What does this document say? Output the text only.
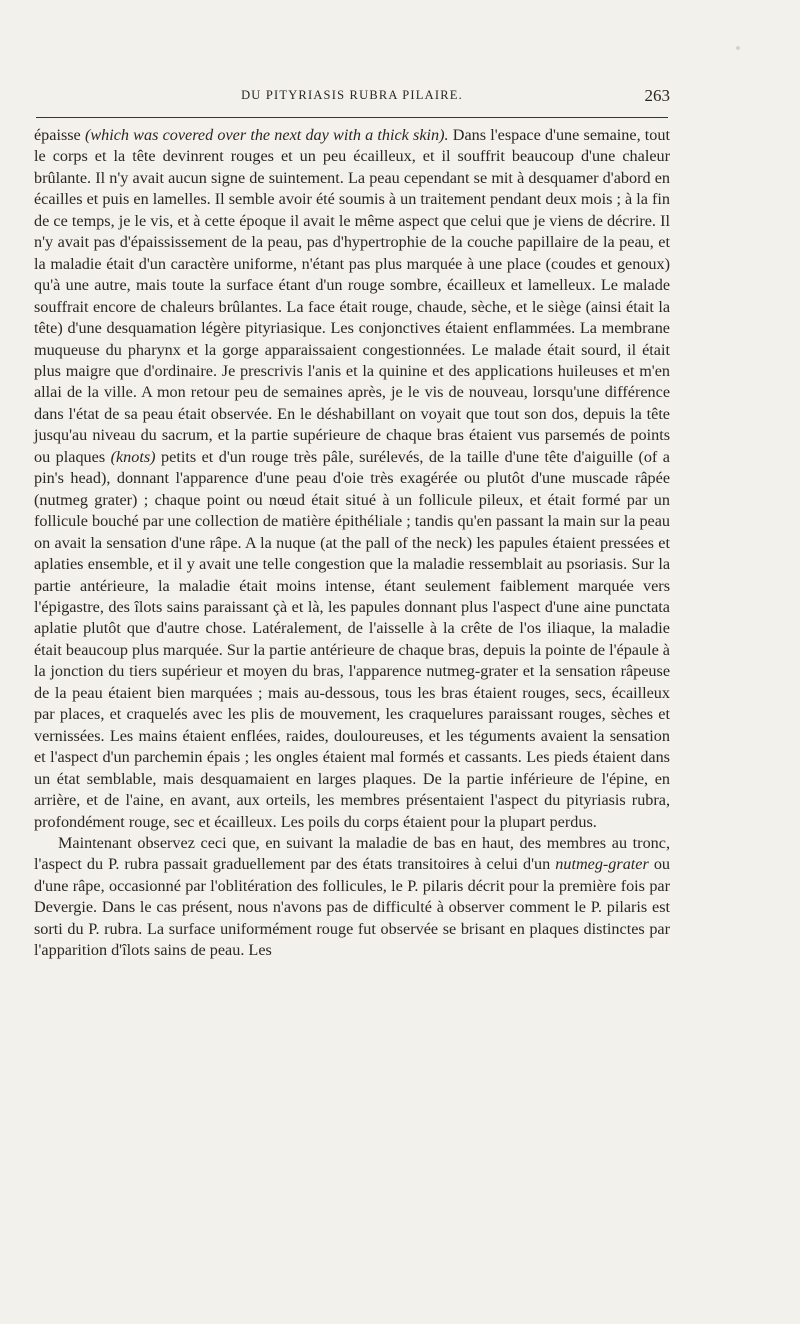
DU PITYRIASIS RUBRA PILAIRE.	263

épaisse (which was covered over the next day with a thick skin). Dans l'espace d'une semaine, tout le corps et la tête devinrent rouges et un peu écailleux, et il souffrit beaucoup d'une chaleur brûlante. Il n'y avait aucun signe de suintement. La peau cependant se mit à desquamer d'abord en écailles et puis en lamelles. Il semble avoir été soumis à un traitement pendant deux mois ; à la fin de ce temps, je le vis, et à cette époque il avait le même aspect que celui que je viens de décrire. Il n'y avait pas d'épaississement de la peau, pas d'hypertrophie de la couche papillaire de la peau, et la maladie était d'un caractère uniforme, n'étant pas plus marquée à une place (coudes et genoux) qu'à une autre, mais toute la surface étant d'un rouge sombre, écailleux et lamelleux. Le malade souffrait encore de chaleurs brûlantes. La face était rouge, chaude, sèche, et le siège (ainsi était la tête) d'une desquamation légère pityriasique. Les conjonctives étaient enflammées. La membrane muqueuse du pharynx et la gorge apparaissaient congestionnées. Le malade était sourd, il était plus maigre que d'ordinaire. Je prescrivis l'anis et la quinine et des applications huileuses et m'en allai de la ville. A mon retour peu de semaines après, je le vis de nouveau, lorsqu'une différence dans l'état de sa peau était observée. En le déshabillant on voyait que tout son dos, depuis la tête jusqu'au niveau du sacrum, et la partie supérieure de chaque bras étaient vus parsemés de points ou plaques (knots) petits et d'un rouge très pâle, surélevés, de la taille d'une tête d'aiguille (of a pin's head), donnant l'apparence d'une peau d'oie très exagérée ou plutôt d'une muscade râpée (nutmeg grater) ; chaque point ou nœud était situé à un follicule pileux, et était formé par un follicule bouché par une collection de matière épithéliale ; tandis qu'en passant la main sur la peau on avait la sensation d'une râpe. A la nuque (at the pall of the neck) les papules étaient pressées et aplaties ensemble, et il y avait une telle congestion que la maladie ressemblait au psoriasis. Sur la partie antérieure, la maladie était moins intense, étant seulement faiblement marquée vers l'épigastre, des îlots sains paraissant çà et là, les papules donnant plus l'aspect d'une aine punctata aplatie plutôt que d'autre chose. Latéralement, de l'aisselle à la crête de l'os iliaque, la maladie était beaucoup plus marquée. Sur la partie antérieure de chaque bras, depuis la pointe de l'épaule à la jonction du tiers supérieur et moyen du bras, l'apparence nutmeg-grater et la sensation râpeuse de la peau étaient bien marquées ; mais au-dessous, tous les bras étaient rouges, secs, écailleux par places, et craquelés avec les plis de mouvement, les craquelures paraissant rouges, sèches et vernissées. Les mains étaient enflées, raides, douloureuses, et les téguments avaient la sensation et l'aspect d'un parchemin épais ; les ongles étaient mal formés et cassants. Les pieds étaient dans un état semblable, mais desquamaient en larges plaques. De la partie inférieure de l'épine, en arrière, et de l'aine, en avant, aux orteils, les membres présentaient l'aspect du pityriasis rubra, profondément rouge, sec et écailleux. Les poils du corps étaient pour la plupart perdus.

Maintenant observez ceci que, en suivant la maladie de bas en haut, des membres au tronc, l'aspect du P. rubra passait graduellement par des états transitoires à celui d'un nutmeg-grater ou d'une râpe, occasionné par l'oblitération des follicules, le P. pilaris décrit pour la première fois par Devergie. Dans le cas présent, nous n'avons pas de difficulté à observer comment le P. pilaris est sorti du P. rubra. La surface uniformément rouge fut observée se brisant en plaques distinctes par l'apparition d'îlots sains de peau. Les
